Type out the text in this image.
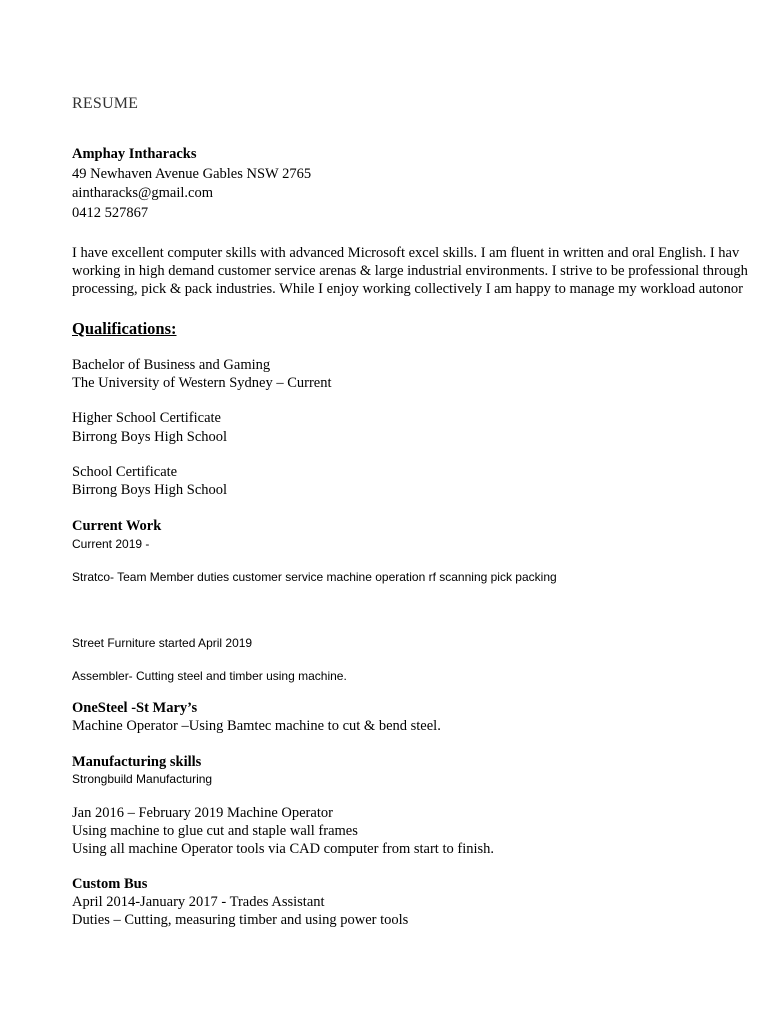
RESUME
Amphay Intharacks
49 Newhaven Avenue Gables NSW 2765
aintharacks@gmail.com
0412 527867
I have excellent computer skills with advanced Microsoft excel skills. I am fluent in written and oral English. I hav
working in high demand customer service arenas & large industrial environments. I strive to be professional through
processing, pick & pack industries. While I enjoy working collectively I am happy to manage my workload autonor
Qualifications:
Bachelor of Business and Gaming
The University of Western Sydney – Current
Higher School Certificate
Birrong Boys High School
School Certificate
Birrong Boys High School
Current Work
Current 2019 -
Stratco- Team Member duties customer service machine operation rf scanning pick packing
Street Furniture started April 2019
Assembler- Cutting steel and timber using machine.
OneSteel -St Mary’s
Machine Operator –Using Bamtec machine to cut & bend steel.
Manufacturing skills
Strongbuild Manufacturing
Jan 2016 – February 2019 Machine Operator
Using machine to glue cut and staple wall frames
Using all machine Operator tools via CAD computer from start to finish.
Custom Bus
April 2014-January 2017 - Trades Assistant
Duties – Cutting, measuring timber and using power tools
